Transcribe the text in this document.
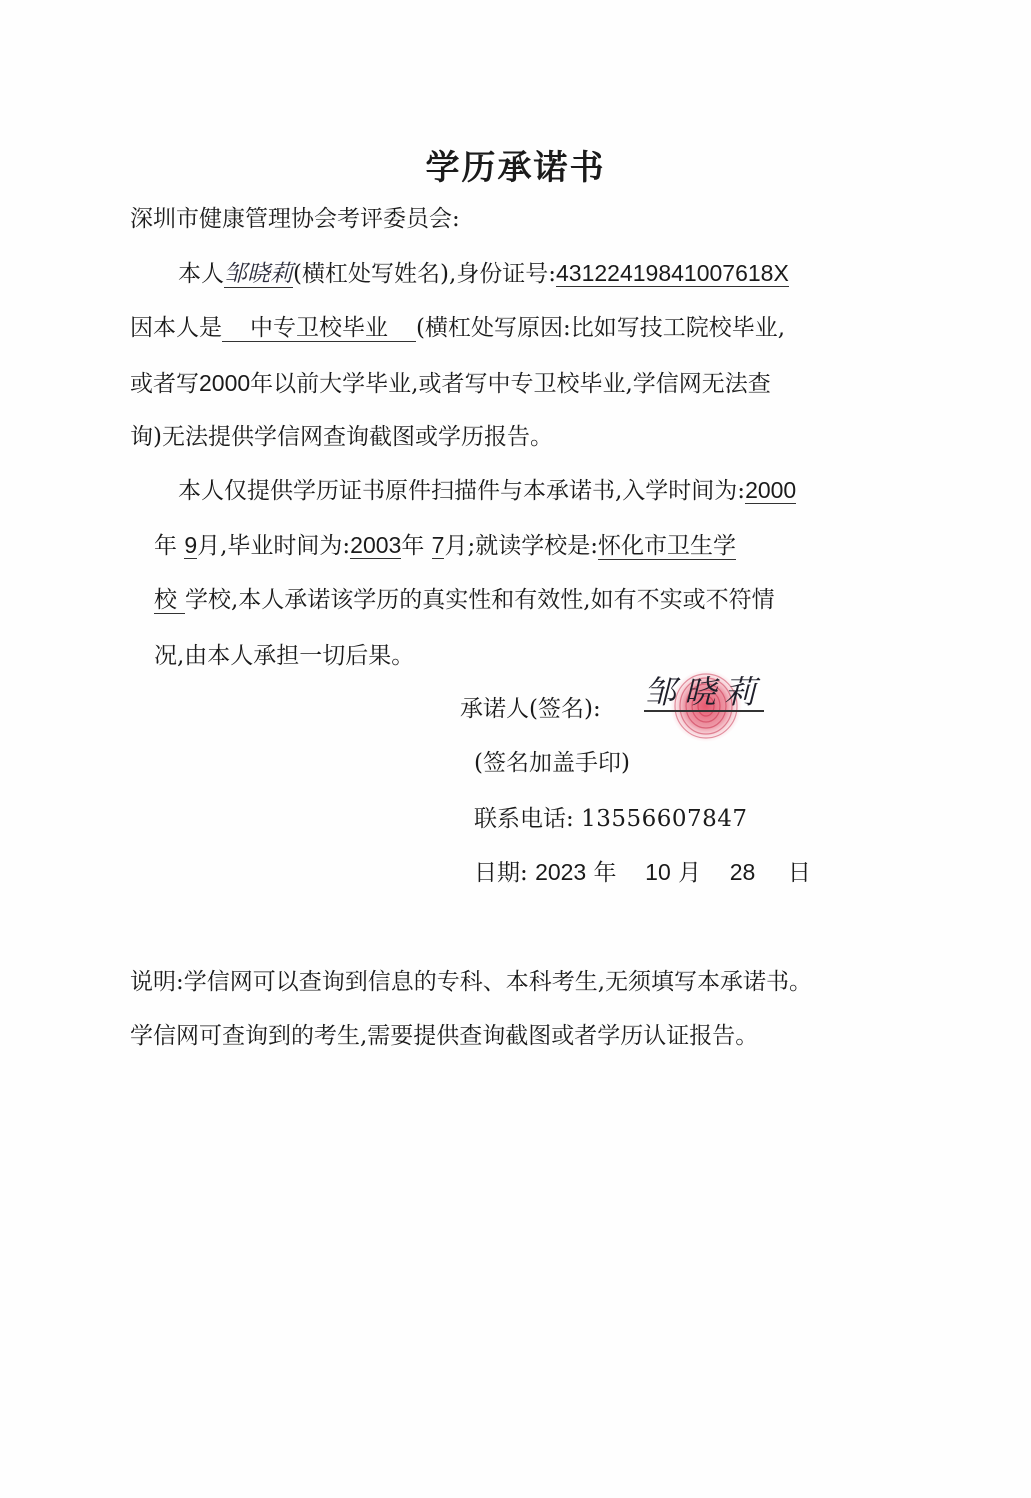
学历承诺书
深圳市健康管理协会考评委员会:
本人邹晓莉(横杠处写姓名),身份证号:43122419841007618X
因本人是 中专卫校毕业 (横杠处写原因:比如写技工院校毕业,
或者写2000年以前大学毕业,或者写中专卫校毕业,学信网无法查
询)无法提供学信网查询截图或学历报告。
本人仅提供学历证书原件扫描件与本承诺书,入学时间为:2000
年 9月,毕业时间为:2003年 7月;就读学校是:怀化市卫生学
校 学校,本人承诺该学历的真实性和有效性,如有不实或不符情
况,由本人承担一切后果。
承诺人(签名): 邹晓莉
(签名加盖手印)
联系电话: 13556607847
日期: 2023 年 10 月 28 日
说明:学信网可以查询到信息的专科、本科考生,无须填写本承诺书。
学信网可查询到的考生,需要提供查询截图或者学历认证报告。
